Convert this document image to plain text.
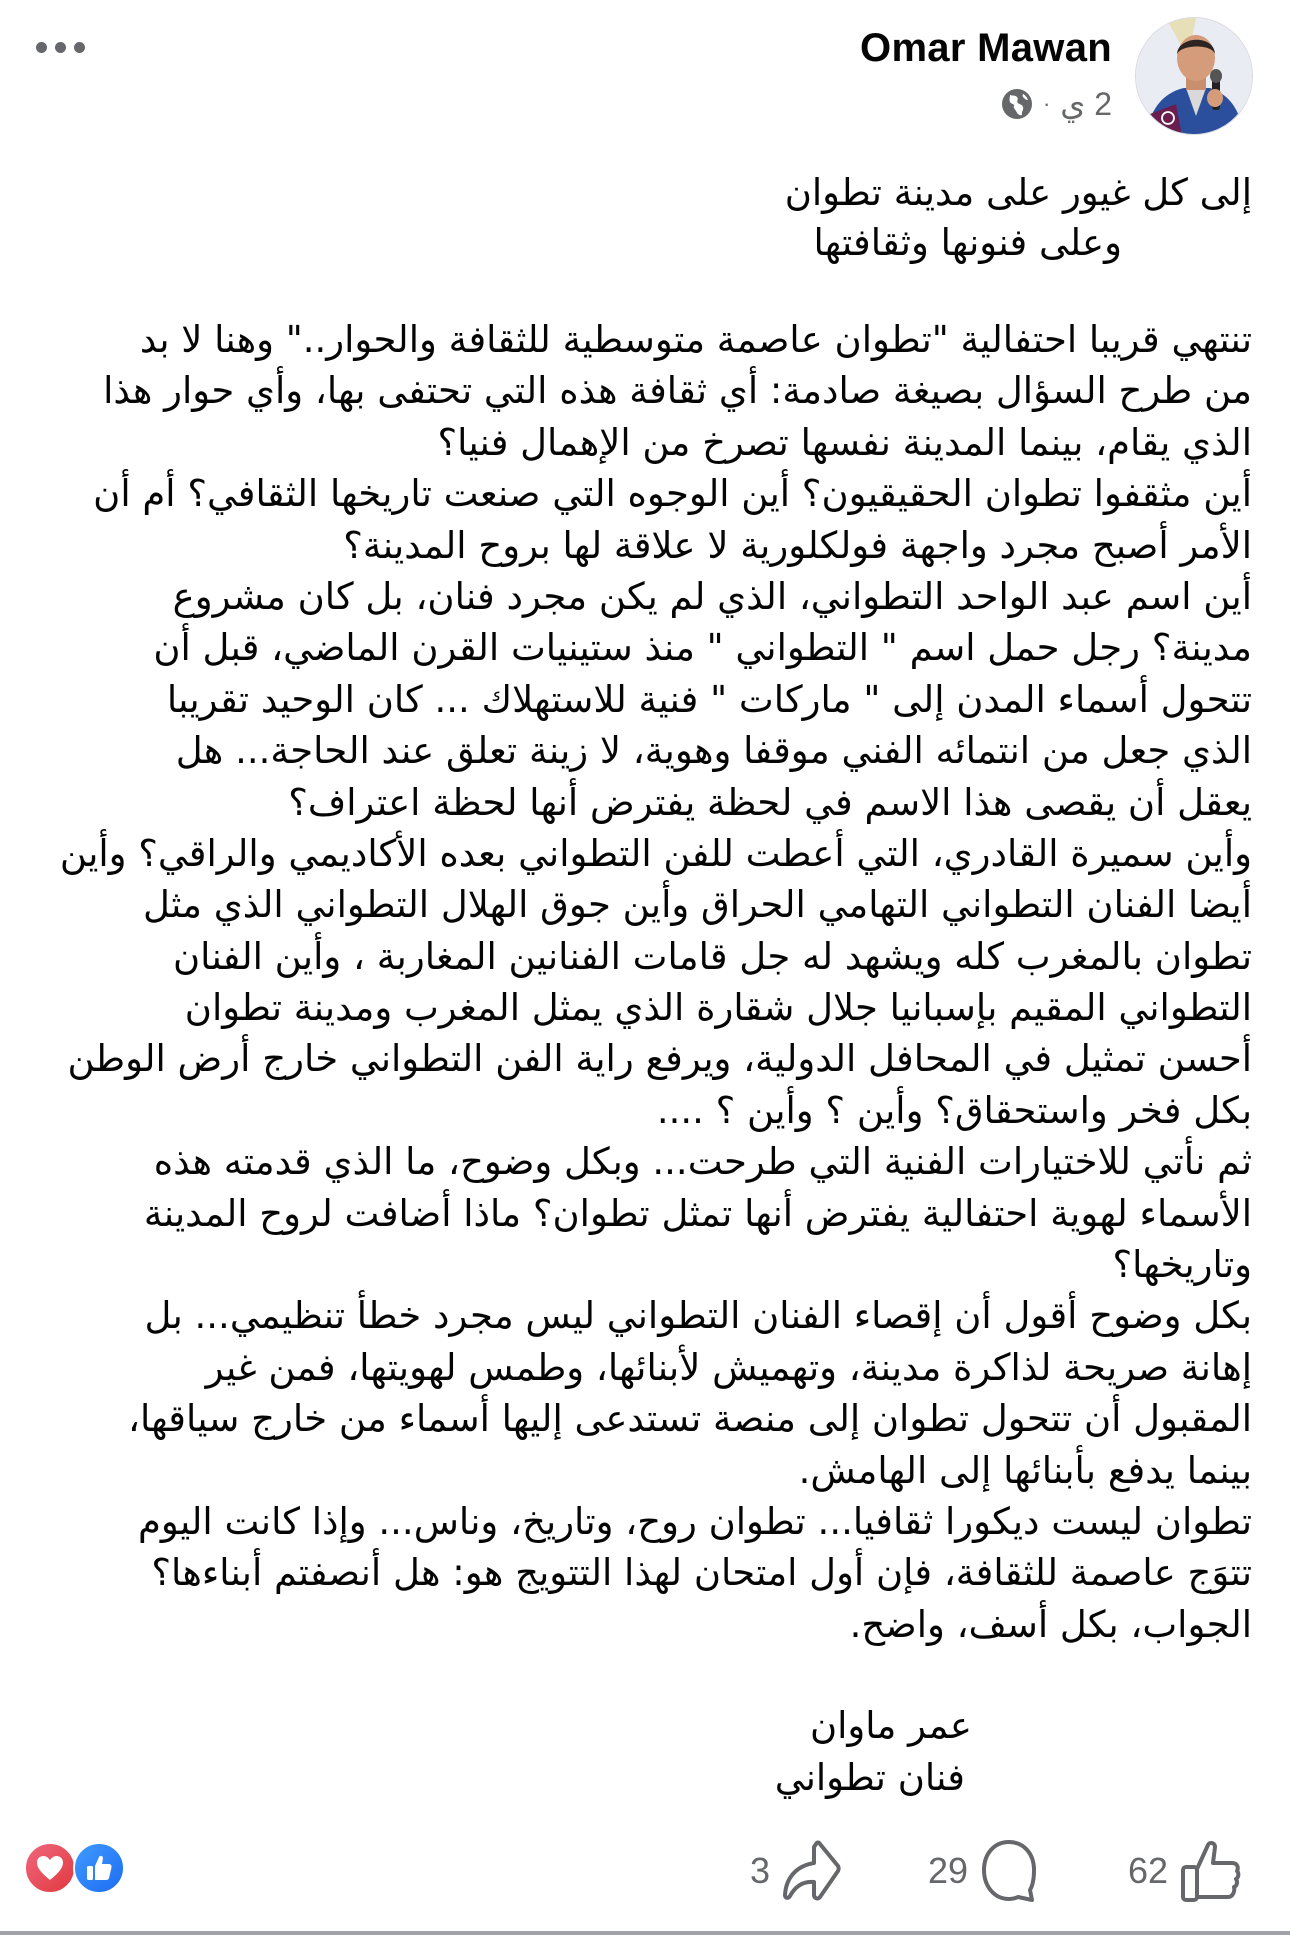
Omar Mawan
· 2 ي
إلى كل غيور على مدينة تطوان
وعلى فنونها وثقافتها
تنتهي قريبا احتفالية "تطوان عاصمة متوسطية للثقافة والحوار.." وهنا لا بد
من طرح السؤال بصيغة صادمة: أي ثقافة هذه التي تحتفى بها، وأي حوار هذا
الذي يقام، بينما المدينة نفسها تصرخ من الإهمال فنيا؟
أين مثقفوا تطوان الحقيقيون؟ أين الوجوه التي صنعت تاريخها الثقافي؟ أم أن
الأمر أصبح مجرد واجهة فولكلورية لا علاقة لها بروح المدينة؟
أين اسم عبد الواحد التطواني، الذي لم يكن مجرد فنان، بل كان مشروع
مدينة؟ رجل حمل اسم " التطواني " منذ ستينيات القرن الماضي، قبل أن
تتحول أسماء المدن إلى " ماركات " فنية للاستهلاك ... كان الوحيد تقريبا
الذي جعل من انتمائه الفني موقفا وهوية، لا زينة تعلق عند الحاجة... هل
يعقل أن يقصى هذا الاسم في لحظة يفترض أنها لحظة اعتراف؟
وأين سميرة القادري، التي أعطت للفن التطواني بعده الأكاديمي والراقي؟ وأين
أيضا الفنان التطواني التهامي الحراق وأين جوق الهلال التطواني الذي مثل
تطوان بالمغرب كله ويشهد له جل قامات الفنانين المغاربة ، وأين الفنان
التطواني المقيم بإسبانيا جلال شقارة الذي يمثل المغرب ومدينة تطوان
أحسن تمثيل في المحافل الدولية، ويرفع راية الفن التطواني خارج أرض الوطن
بكل فخر واستحقاق؟ وأين ؟ وأين ؟ ....
ثم نأتي للاختيارات الفنية التي طرحت... وبكل وضوح، ما الذي قدمته هذه
الأسماء لهوية احتفالية يفترض أنها تمثل تطوان؟ ماذا أضافت لروح المدينة
وتاريخها؟
بكل وضوح أقول أن إقصاء الفنان التطواني ليس مجرد خطأ تنظيمي... بل
إهانة صريحة لذاكرة مدينة، وتهميش لأبنائها، وطمس لهويتها، فمن غير
المقبول أن تتحول تطوان إلى منصة تستدعى إليها أسماء من خارج سياقها،
بينما يدفع بأبنائها إلى الهامش.
تطوان ليست ديكورا ثقافيا... تطوان روح، وتاريخ، وناس... وإذا كانت اليوم
تتوَج عاصمة للثقافة، فإن أول امتحان لهذا التتويج هو: هل أنصفتم أبناءها؟
الجواب، بكل أسف، واضح.
عمر ماوان
فنان تطواني
3	29	62
